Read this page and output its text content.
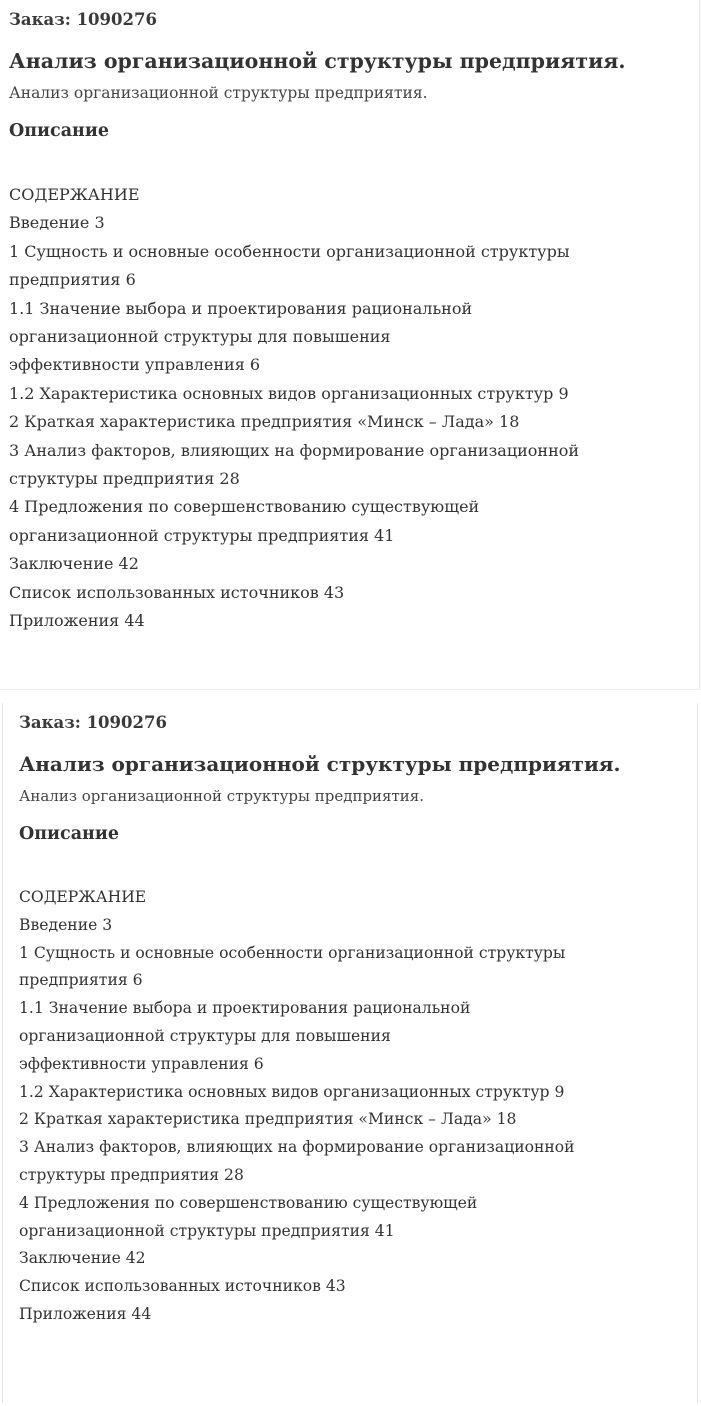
Заказ: 1090276

Анализ организационной структуры предприятия.

Анализ организационной структуры предприятия.

Описание
СОДЕРЖАНИЕ
Введение 3
1 Сущность и основные особенности организационной структуры
предприятия 6
1.1 Значение выбора и проектирования рациональной
организационной структуры для повышения
эффективности управления 6
1.2 Характеристика основных видов организационных структур 9
2 Краткая характеристика предприятия «Минск – Лада» 18
3 Анализ факторов, влияющих на формирование организационной
структуры предприятия 28
4 Предложения по совершенствованию существующей
организационной структуры предприятия 41
Заключение 42
Список использованных источников 43
Приложения 44

Заказ: 1090276

Анализ организационной структуры предприятия.

Анализ организационной структуры предприятия.

Описание
СОДЕРЖАНИЕ
Введение 3
1 Сущность и основные особенности организационной структуры
предприятия 6
1.1 Значение выбора и проектирования рациональной
организационной структуры для повышения
эффективности управления 6
1.2 Характеристика основных видов организационных структур 9
2 Краткая характеристика предприятия «Минск – Лада» 18
3 Анализ факторов, влияющих на формирование организационной
структуры предприятия 28
4 Предложения по совершенствованию существующей
организационной структуры предприятия 41
Заключение 42
Список использованных источников 43
Приложения 44
